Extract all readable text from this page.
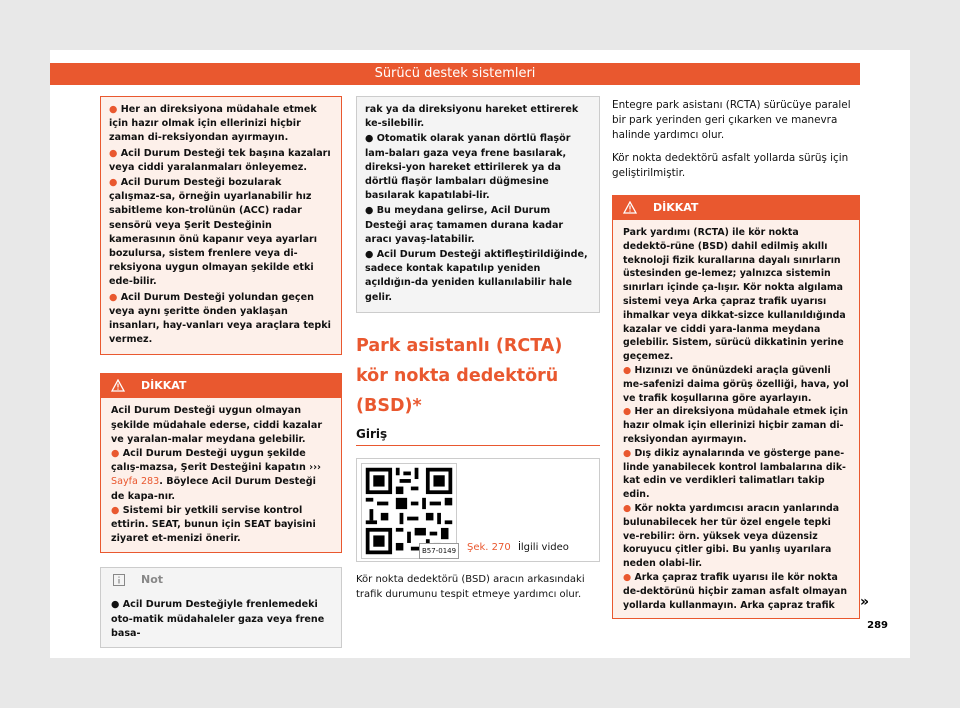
Sürücü destek sistemleri

● Her an direksiyona müdahale etmek için hazır olmak için ellerinizi hiçbir zaman di-reksiyondan ayırmayın.

● Acil Durum Desteği tek başına kazaları veya ciddi yaralanmaları önleyemez.

● Acil Durum Desteği bozularak çalışmaz-sa, örneğin uyarlanabilir hız sabitleme kon-trolünün (ACC) radar sensörü veya Şerit Desteğinin kamerasının önü kapanır veya ayarları bozulursa, sistem frenlere veya di-reksiyona uygun olmayan şekilde etki ede-bilir.

● Acil Durum Desteği yolundan geçen veya aynı şeritte önden yaklaşan insanları, hay-vanları veya araçlara tepki vermez.

DİKKAT

Acil Durum Desteği uygun olmayan şekilde müdahale ederse, ciddi kazalar ve yaralan-malar meydana gelebilir.

● Acil Durum Desteği uygun şekilde çalış-mazsa, Şerit Desteğini kapatın ››› Sayfa 283. Böylece Acil Durum Desteği de kapa-nır.

● Sistemi bir yetkili servise kontrol ettirin. SEAT, bunun için SEAT bayisini ziyaret et-menizi önerir.

Not

● Acil Durum Desteğiyle frenlemedeki oto-matik müdahaleler gaza veya frene basa-

rak ya da direksiyonu hareket ettirerek ke-silebilir.

● Otomatik olarak yanan dörtlü flaşör lam-baları gaza veya frene basılarak, direksi-yon hareket ettirilerek ya da dörtlü flaşör lambaları düğmesine basılarak kapatılabi-lir.

● Bu meydana gelirse, Acil Durum Desteği araç tamamen durana kadar aracı yavaş-latabilir.

● Acil Durum Desteği aktifleştirildiğinde, sadece kontak kapatılıp yeniden açıldığın-da yeniden kullanılabilir hale gelir.

Park asistanlı (RCTA) kör nokta dedektörü (BSD)*
Giriş
B57-0149	Şek. 270 İlgili video

Kör nokta dedektörü (BSD) aracın arkasındaki trafik durumunu tespit etmeye yardımcı olur.

Entegre park asistanı (RCTA) sürücüye paralel bir park yerinden geri çıkarken ve manevra halinde yardımcı olur.

Kör nokta dedektörü asfalt yollarda sürüş için geliştirilmiştir.

DİKKAT

Park yardımı (RCTA) ile kör nokta dedektö-rüne (BSD) dahil edilmiş akıllı teknoloji fizik kurallarına dayalı sınırların üstesinden ge-lemez; yalnızca sistemin sınırları içinde ça-lışır. Kör nokta algılama sistemi veya Arka çapraz trafik uyarısı ihmalkar veya dikkat-sizce kullanıldığında kazalar ve ciddi yara-lanma meydana gelebilir. Sistem, sürücü dikkatinin yerine geçemez.

● Hızınızı ve önünüzdeki araçla güvenli me-safenizi daima görüş özelliği, hava, yol ve trafik koşullarına göre ayarlayın.

● Her an direksiyona müdahale etmek için hazır olmak için ellerinizi hiçbir zaman di-reksiyondan ayırmayın.

● Dış dikiz aynalarında ve gösterge pane-linde yanabilecek kontrol lambalarına dik-kat edin ve verdikleri talimatları takip edin.

● Kör nokta yardımcısı aracın yanlarında bulunabilecek her tür özel engele tepki ve-rebilir: örn. yüksek veya düzensiz koruyucu çitler gibi. Bu yanlış uyarılara neden olabi-lir.

● Arka çapraz trafik uyarısı ile kör nokta de-dektörünü hiçbir zaman asfalt olmayan yollarda kullanmayın. Arka çapraz trafik	»
289
